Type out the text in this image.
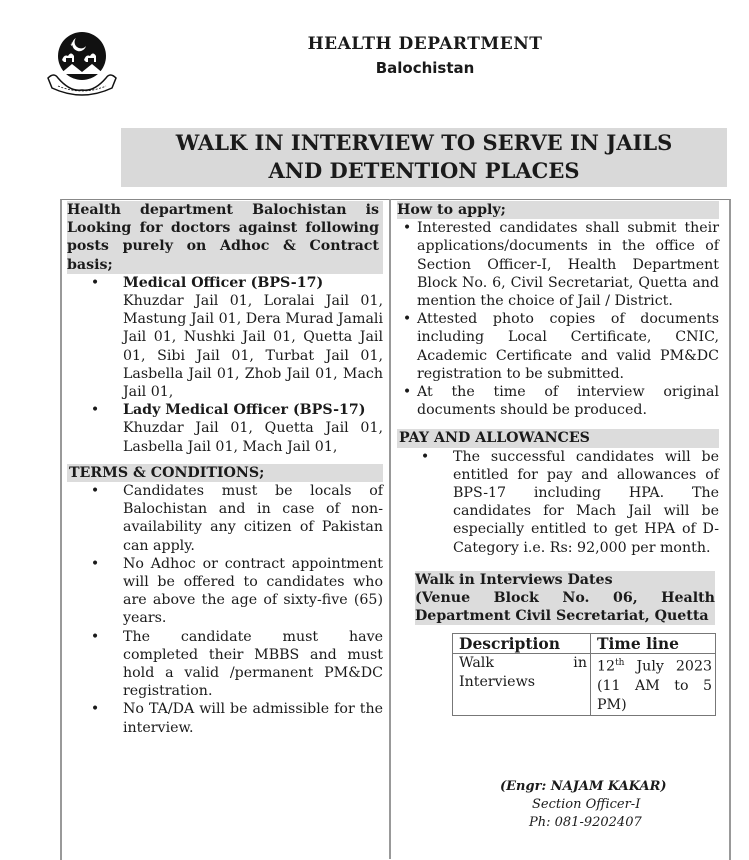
HEALTH DEPARTMENT
Balochistan
WALK IN INTERVIEW TO SERVE IN JAILS
AND DETENTION PLACES
Health department Balochistan is Looking for doctors against following posts purely on Adhoc & Contract basis;
•	Medical Officer (BPS-17)
Khuzdar Jail 01, Loralai Jail 01, Mastung Jail 01, Dera Murad Jamali Jail 01, Nushki Jail 01, Quetta Jail 01, Sibi Jail 01, Turbat Jail 01, Lasbella Jail 01, Zhob Jail 01, Mach Jail 01,
•	Lady Medical Officer (BPS-17)
Khuzdar Jail 01, Quetta Jail 01, Lasbella Jail 01, Mach Jail 01,
TERMS & CONDITIONS;
•	Candidates must be locals of Balochistan and in case of non-availability any citizen of Pakistan can apply.
•	No Adhoc or contract appointment will be offered to candidates who are above the age of sixty-five (65) years.
•	The candidate must have completed their MBBS and must hold a valid /permanent PM&DC registration.
•	No TA/DA will be admissible for the interview.
How to apply;
• Interested candidates shall submit their applications/documents in the office of Section Officer-I, Health Department Block No. 6, Civil Secretariat, Quetta and mention the choice of Jail / District.
• Attested photo copies of documents including Local Certificate, CNIC, Academic Certificate and valid PM&DC registration to be submitted.
• At the time of interview original documents should be produced.
PAY AND ALLOWANCES
•	The successful candidates will be entitled for pay and allowances of BPS-17 including HPA. The candidates for Mach Jail will be especially entitled to get HPA of D-Category i.e. Rs: 92,000 per month.
Walk in Interviews Dates
(Venue Block No. 06, Health Department Civil Secretariat, Quetta
Description	Time line
Walk in Interviews	12th July 2023 (11 AM to 5 PM)
(Engr: NAJAM KAKAR)
Section Officer-I
Ph: 081-9202407
